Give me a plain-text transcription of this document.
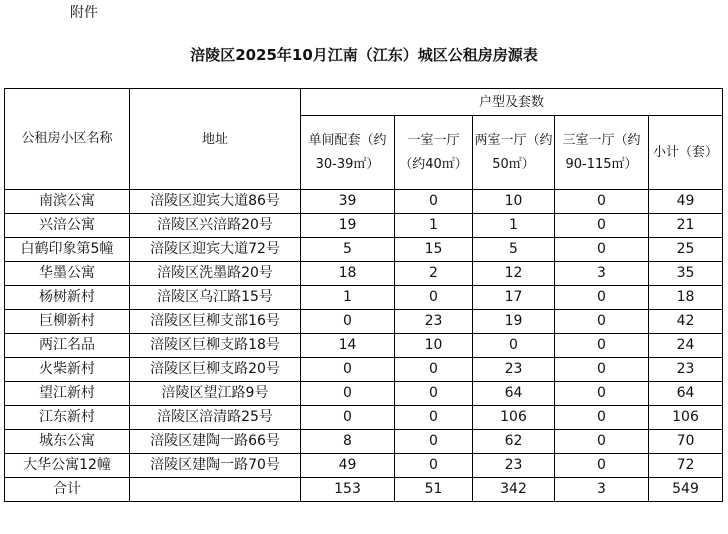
附件
涪陵区2025年10月江南（江东）城区公租房房源表
公租房小区名称	地址	户型及套数				
		单间配套（约30-39㎡）	一室一厅（约40㎡）	两室一厅（约50㎡）	三室一厅（约90-115㎡）	小计（套）
南滨公寓	涪陵区迎宾大道86号	39	0	10	0	49
兴涪公寓	涪陵区兴涪路20号	19	1	1	0	21
白鹤印象第5幢	涪陵区迎宾大道72号	5	15	5	0	25
华墨公寓	涪陵区洗墨路20号	18	2	12	3	35
杨树新村	涪陵区乌江路15号	1	0	17	0	18
巨柳新村	涪陵区巨柳支部16号	0	23	19	0	42
两江名品	涪陵区巨柳支路18号	14	10	0	0	24
火柴新村	涪陵区巨柳支路20号	0	0	23	0	23
望江新村	涪陵区望江路9号	0	0	64	0	64
江东新村	涪陵区涪清路25号	0	0	106	0	106
城东公寓	涪陵区建陶一路66号	8	0	62	0	70
大华公寓12幢	涪陵区建陶一路70号	49	0	23	0	72
合计		153	51	342	3	549
